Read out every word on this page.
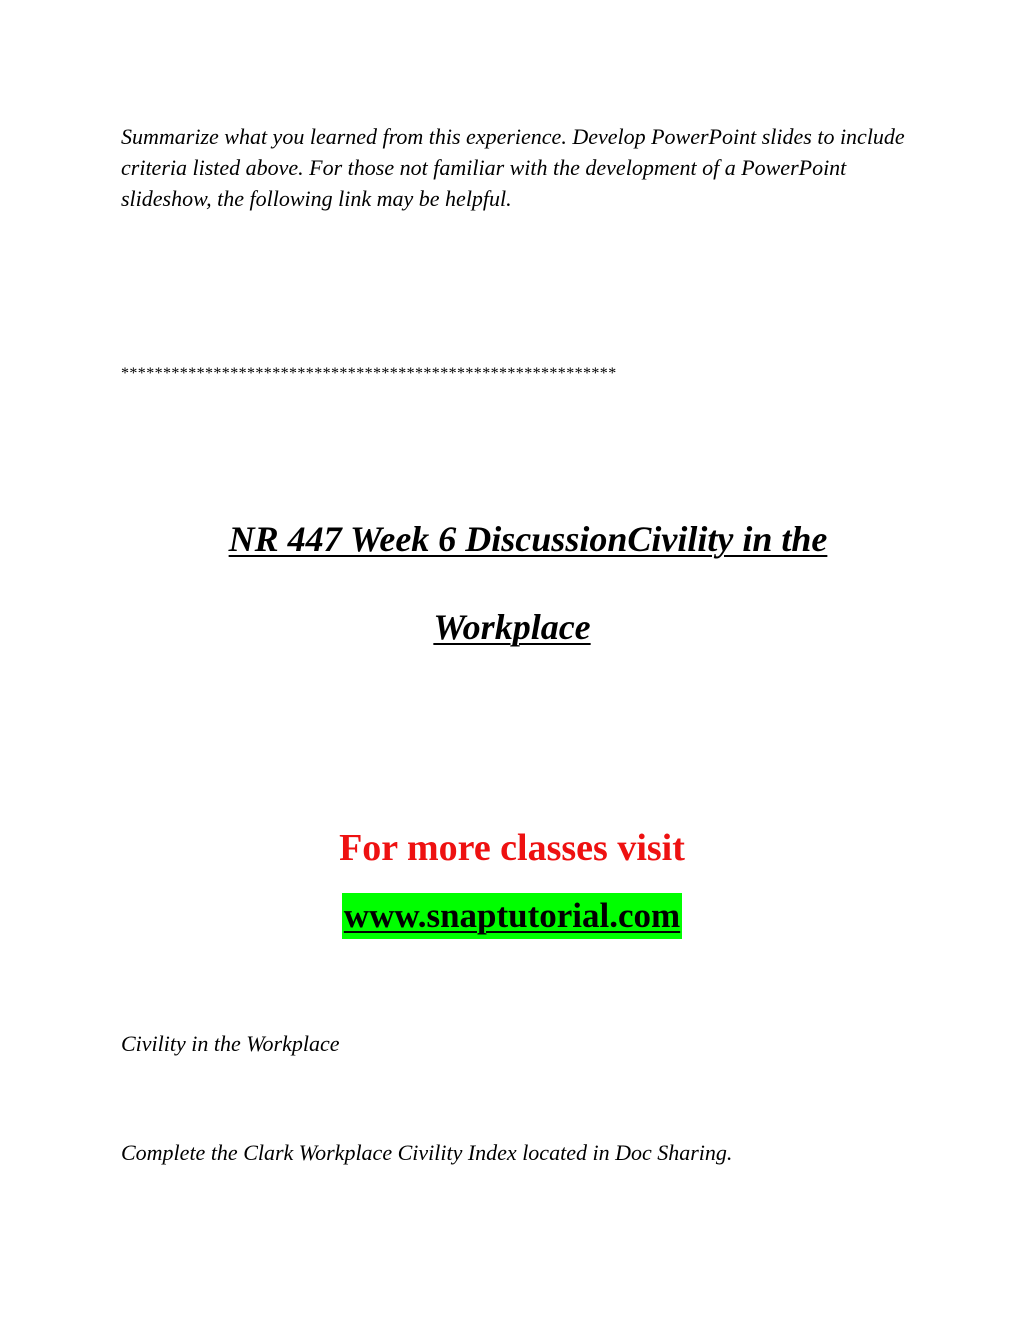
Summarize what you learned from this experience. Develop PowerPoint slides to include criteria listed above. For those not familiar with the development of a PowerPoint slideshow, the following link may be helpful.

***********************************************************

NR 447 Week 6 DiscussionCivility in the
Workplace
For more classes visit
www.snaptutorial.com

Civility in the Workplace

Complete the Clark Workplace Civility Index located in Doc Sharing.
